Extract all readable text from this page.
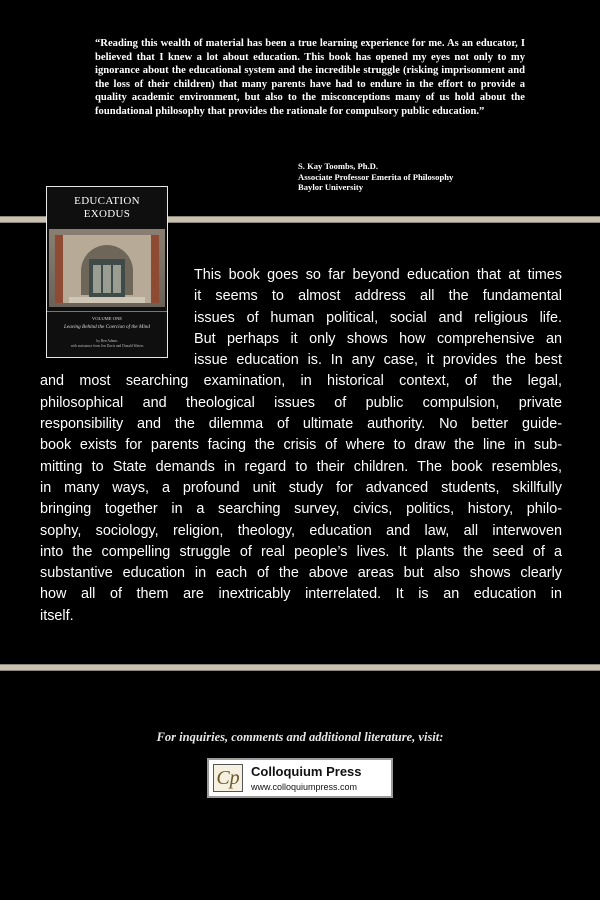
“Reading this wealth of material has been a true learning experience for me. As an educator, I believed that I knew a lot about education. This book has opened my eyes not only to my ignorance about the educational system and the incredible struggle (risking imprisonment and the loss of their children) that many parents have had to endure in the effort to provide a quality academic environment, but also to the misconceptions many of us hold about the foundational philosophy that provides the rationale for compulsory public education.”
S. Kay Toombs, Ph.D.
Associate Professor Emerita of Philosophy
Baylor University
EDUCATION
EXODUS
VOLUME ONE
Leaving Behind the Coercion of the Mind
by Ben Adams
with assistance from Jen Davis and Donald Waters
This book goes so far beyond education that at times
it seems to almost address all the fundamental
issues of human political, social and religious life.
But perhaps it only shows how comprehensive an
issue education is. In any case, it provides the best
and most searching examination, in historical context, of the legal,
philosophical and theological issues of public compulsion, private
responsibility and the dilemma of ultimate authority. No better guide-
book exists for parents facing the crisis of where to draw the line in sub-
mitting to State demands in regard to their children. The book resembles,
in many ways, a profound unit study for advanced students, skillfully
bringing together in a searching survey, civics, politics, history, philo-
sophy, sociology, religion, theology, education and law, all interwoven
into the compelling struggle of real people’s lives. It plants the seed of a
substantive education in each of the above areas but also shows clearly
how all of them are inextricably interrelated. It is an education in
itself.
For inquiries, comments and additional literature, visit:
Cp Colloquium Press
www.colloquiumpress.com
